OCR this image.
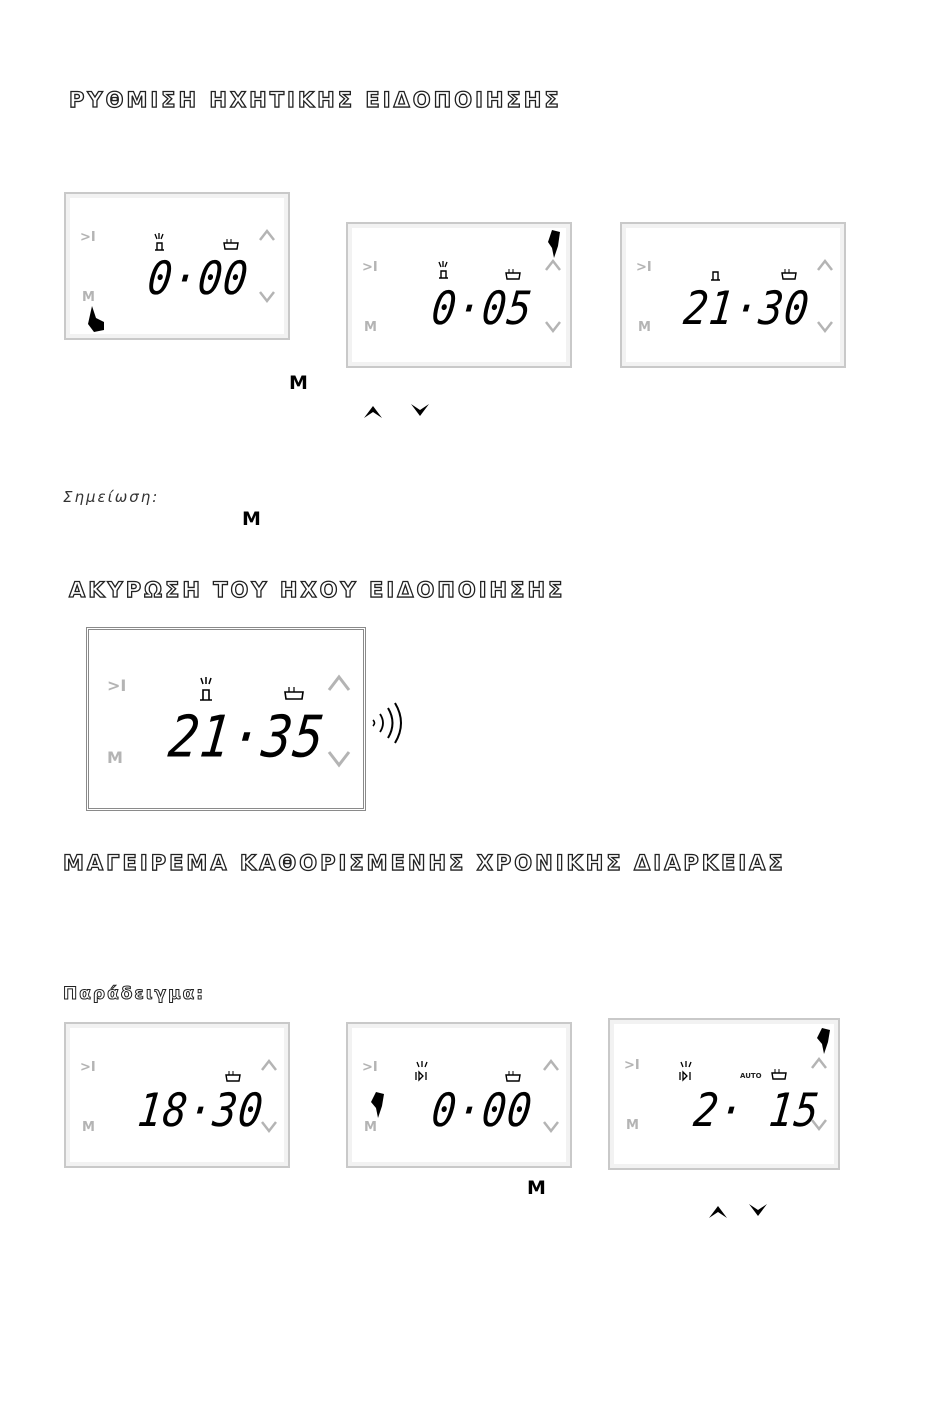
ΡΥΘΜΙΣΗ ΗΧΗΤΙΚΗΣ ΕΙΔΟΠΟΙΗΣΗΣ
>I
M 0·00	>I
M 0·05
>I
M 21·30
M
Σημείωση:
M
ΑΚΥΡΩΣΗ ΤΟΥ ΗΧΟΥ ΕΙΔΟΠΟΙΗΣΗΣ
>I
M 21·35
ΜΑΓΕΙΡΕΜΑ ΚΑΘΟΡΙΣΜΕΝΗΣ ΧΡΟΝΙΚΗΣ ΔΙΑΡΚΕΙΑΣ
Παράδειγμα:
>I
M 18·30
>I
M 0·00
>I
M
AUTO
2· 15
M
